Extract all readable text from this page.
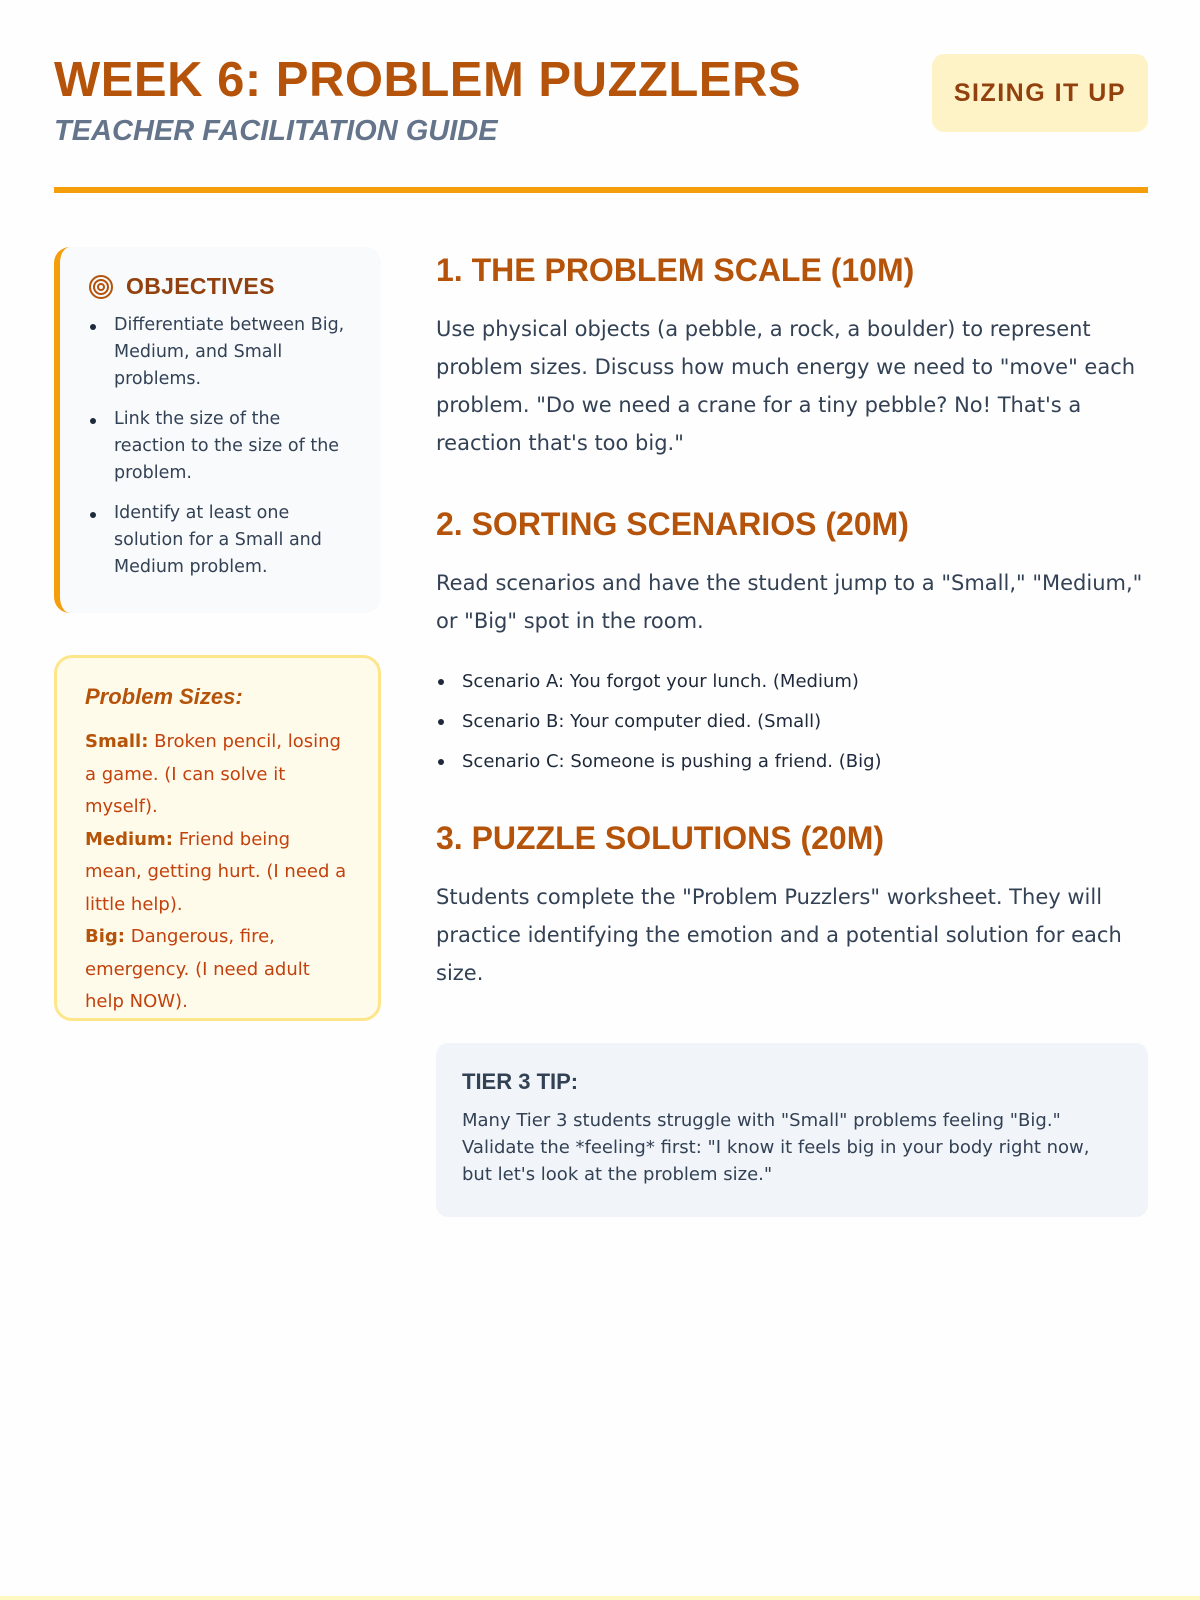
WEEK 6: PROBLEM PUZZLERS
TEACHER FACILITATION GUIDE
SIZING IT UP
OBJECTIVES
Differentiate between Big, Medium, and Small problems.
Link the size of the reaction to the size of the problem.
Identify at least one solution for a Small and Medium problem.

Problem Sizes:

Small: Broken pencil, losing a game. (I can solve it myself).
Medium: Friend being mean, getting hurt. (I need a little help).
Big: Dangerous, fire, emergency. (I need adult help NOW).
1. THE PROBLEM SCALE (10M)

Use physical objects (a pebble, a rock, a boulder) to represent problem sizes. Discuss how much energy we need to "move" each problem. "Do we need a crane for a tiny pebble? No! That's a reaction that's too big."

2. SORTING SCENARIOS (20M)

Read scenarios and have the student jump to a "Small," "Medium," or "Big" spot in the room.

Scenario A: You forgot your lunch. (Medium)
Scenario B: Your computer died. (Small)
Scenario C: Someone is pushing a friend. (Big)
3. PUZZLE SOLUTIONS (20M)

Students complete the "Problem Puzzlers" worksheet. They will practice identifying the emotion and a potential solution for each size.

TIER 3 TIP:

Many Tier 3 students struggle with "Small" problems feeling "Big." Validate the *feeling* first: "I know it feels big in your body right now, but let's look at the problem size."
